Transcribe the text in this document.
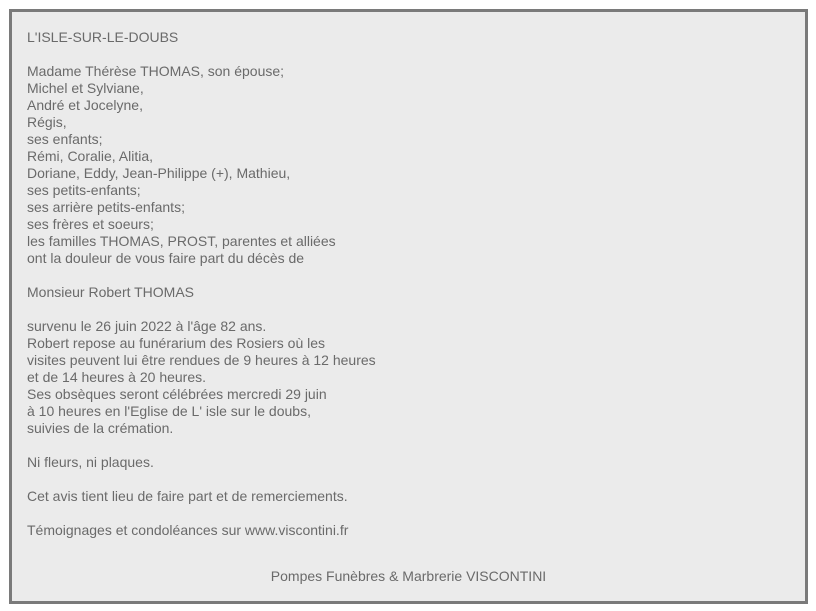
L'ISLE-SUR-LE-DOUBS
Madame Thérèse THOMAS, son épouse;
Michel et Sylviane,
André et Jocelyne,
Régis,
ses enfants;
Rémi, Coralie, Alitia,
Doriane, Eddy, Jean-Philippe (+), Mathieu,
ses petits-enfants;
ses arrière petits-enfants;
ses frères et soeurs;
les familles THOMAS, PROST, parentes et alliées
ont la douleur de vous faire part du décès de
Monsieur Robert THOMAS
survenu le 26 juin 2022 à l'âge 82 ans.
Robert repose au funérarium des Rosiers où les
visites peuvent lui être rendues de 9 heures à 12 heures
et de 14 heures à 20 heures.
Ses obsèques seront célébrées mercredi 29 juin
à 10 heures en l'Eglise de L' isle sur le doubs,
suivies de la crémation.
Ni fleurs, ni plaques.
Cet avis tient lieu de faire part et de remerciements.
Témoignages et condoléances sur www.viscontini.fr
Pompes Funèbres & Marbrerie VISCONTINI
